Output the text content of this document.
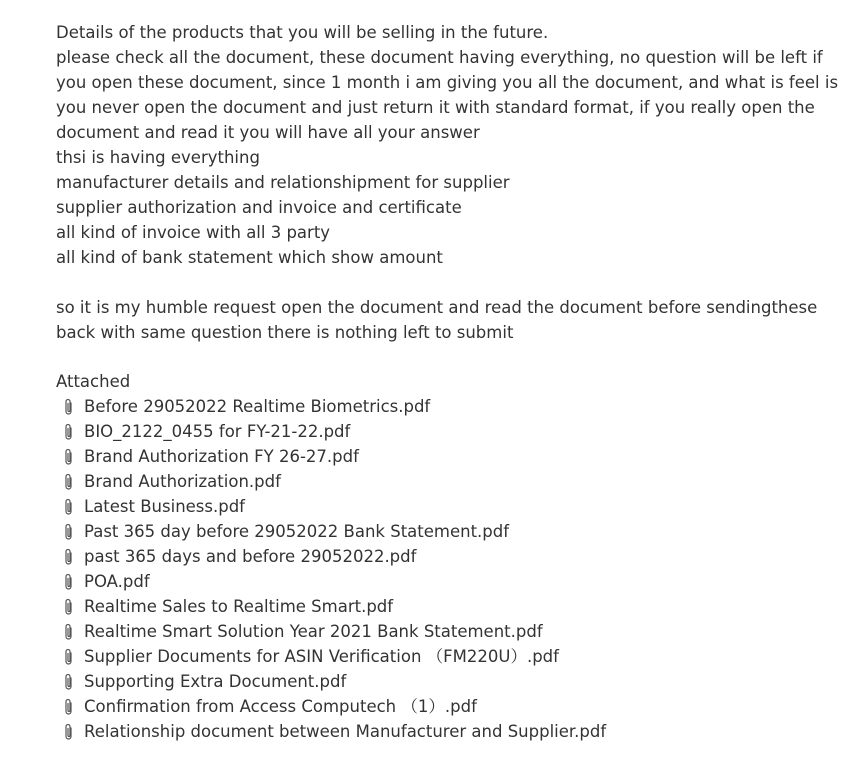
Details of the products that you will be selling in the future.
please check all the document, these document having everything, no question will be left if
you open these document, since 1 month i am giving you all the document, and what is feel is
you never open the document and just return it with standard format, if you really open the
document and read it you will have all your answer
thsi is having everything
manufacturer details and relationshipment for supplier
supplier authorization and invoice and certificate
all kind of invoice with all 3 party
all kind of bank statement which show amount
so it is my humble request open the document and read the document before sendingthese
back with same question there is nothing left to submit
Attached
Before 29052022 Realtime Biometrics.pdf
BIO_2122_0455 for FY-21-22.pdf
Brand Authorization FY 26-27.pdf
Brand Authorization.pdf
Latest Business.pdf
Past 365 day before 29052022 Bank Statement.pdf
past 365 days and before 29052022.pdf
POA.pdf
Realtime Sales to Realtime Smart.pdf
Realtime Smart Solution Year 2021 Bank Statement.pdf
Supplier Documents for ASIN Verification （FM220U）.pdf
Supporting Extra Document.pdf
Confirmation from Access Computech （1）.pdf
Relationship document between Manufacturer and Supplier.pdf
